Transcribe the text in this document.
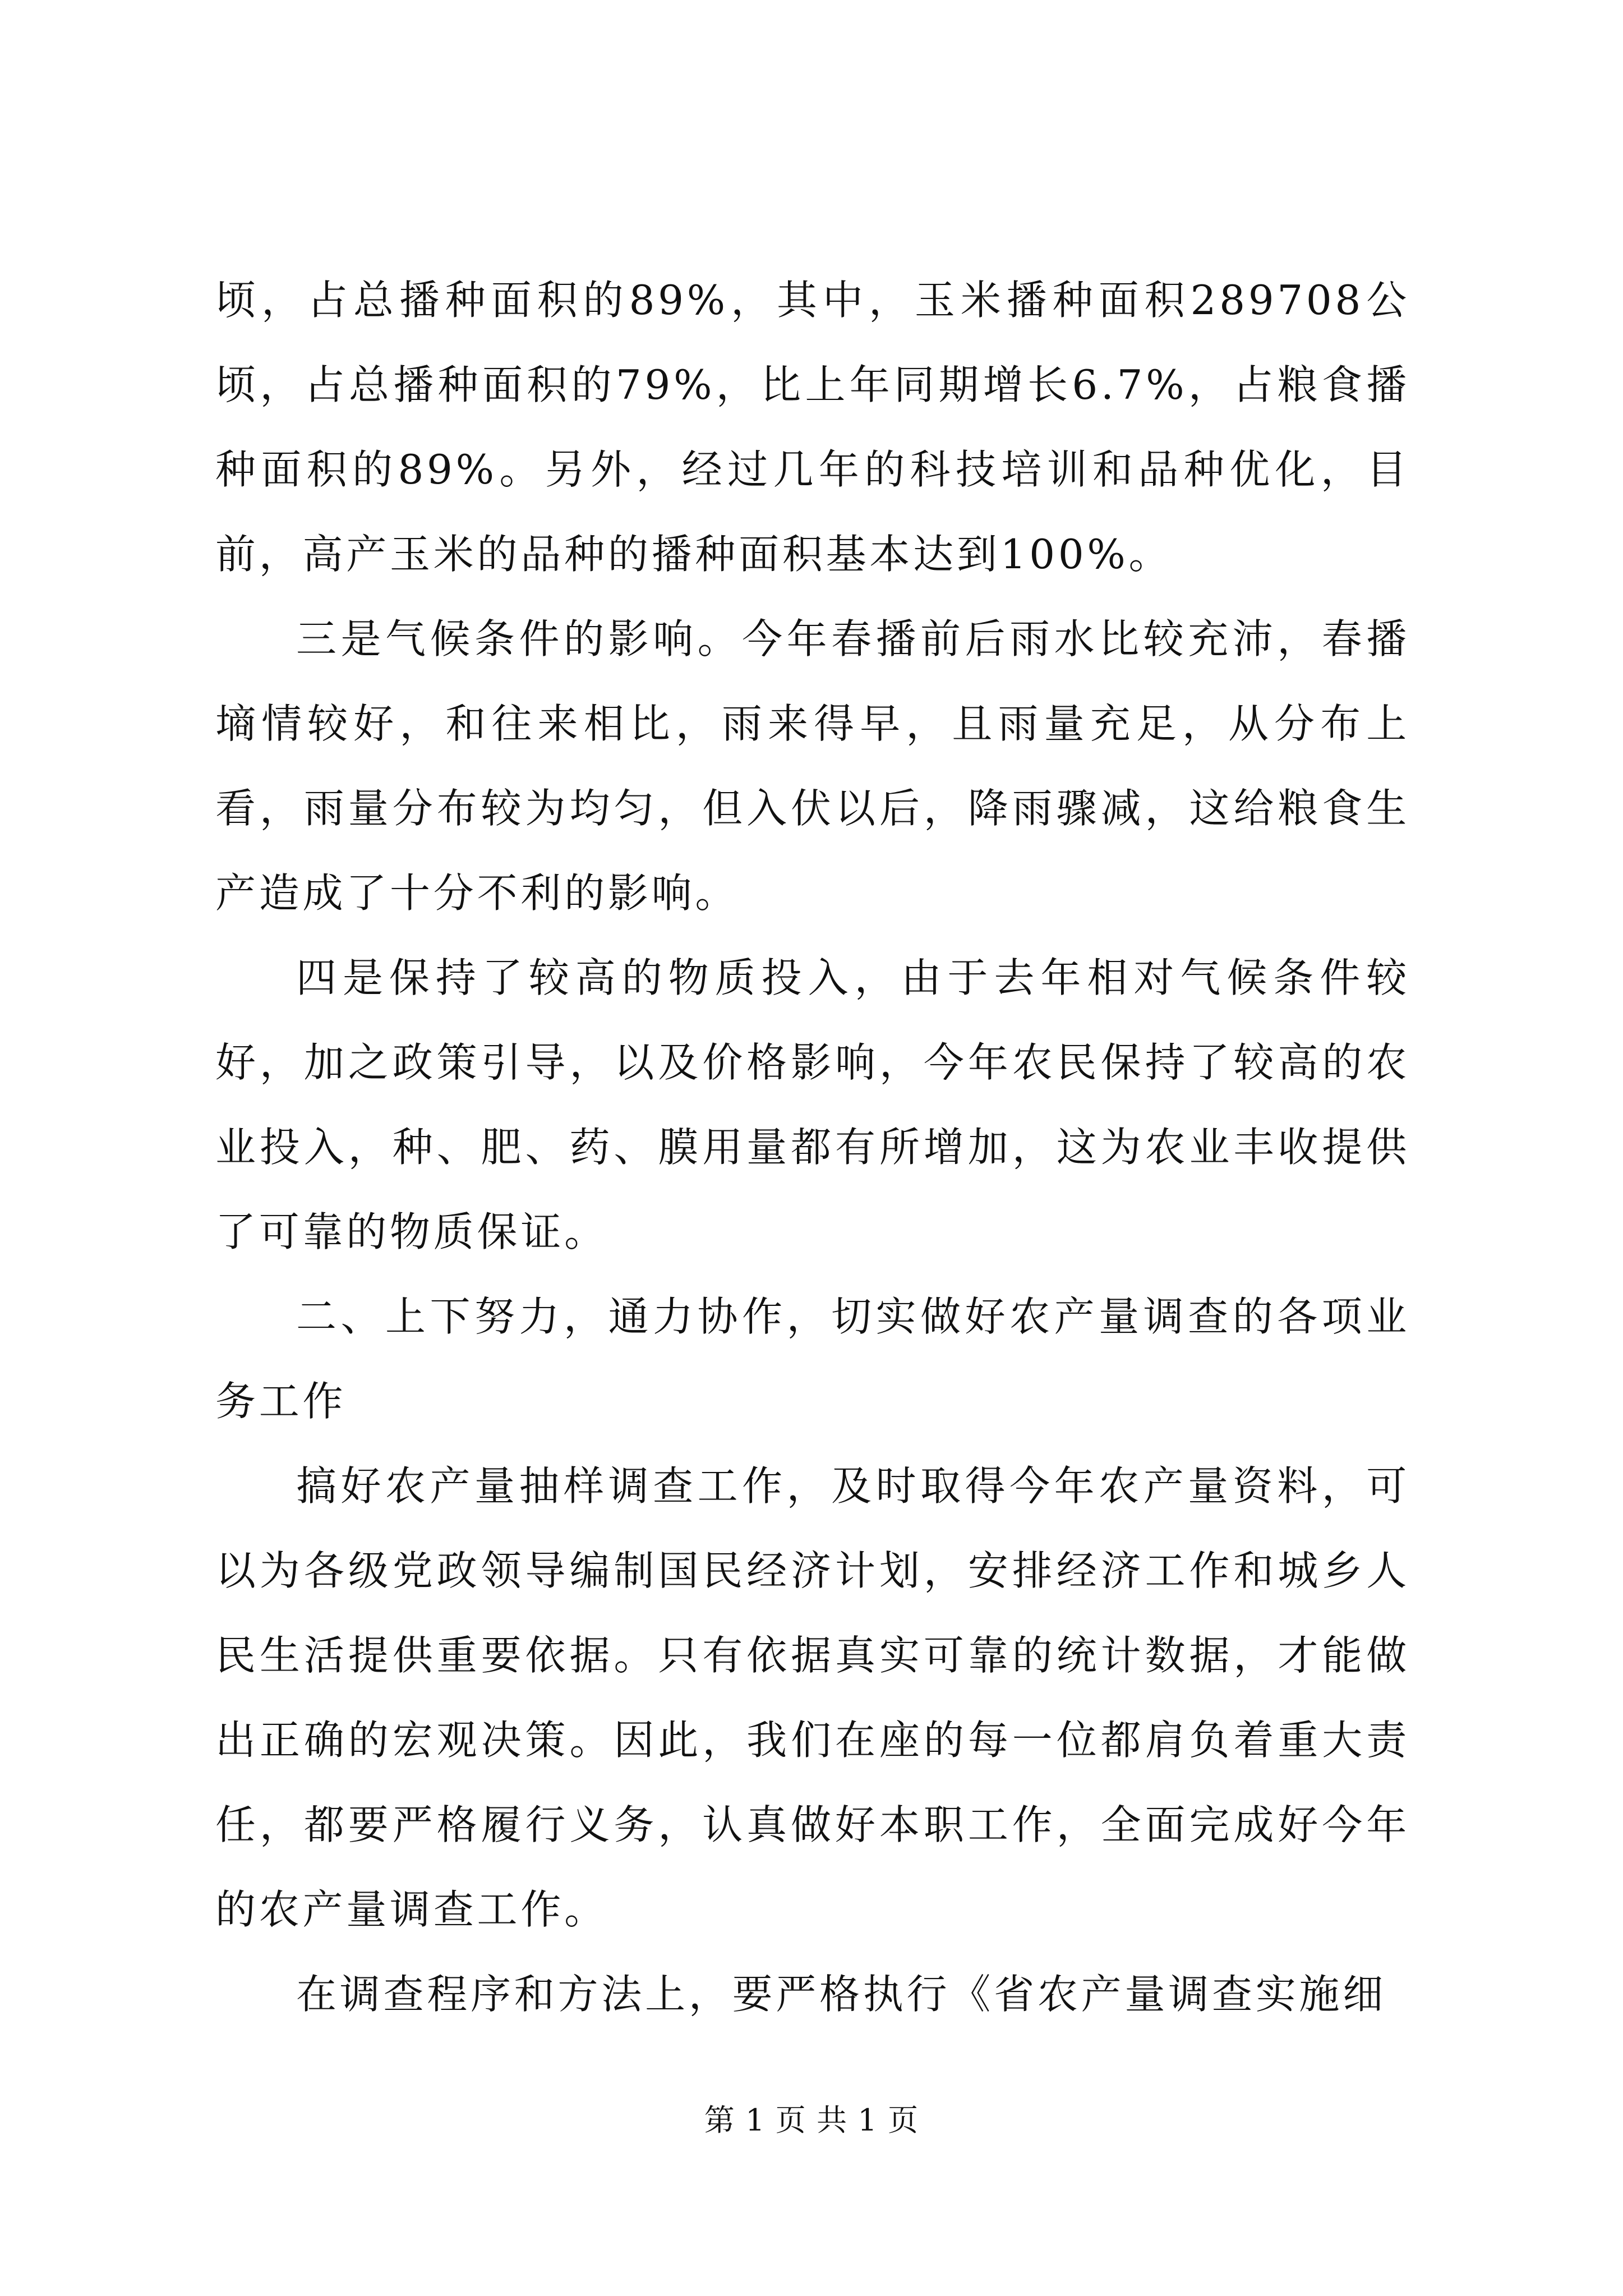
顷，占总播种面积的89%，其中，玉米播种面积289708公顷，占总播种面积的79%，比上年同期增长6.7%，占粮食播种面积的89%。另外，经过几年的科技培训和品种优化，目前，高产玉米的品种的播种面积基本达到100%。

三是气候条件的影响。今年春播前后雨水比较充沛，春播墒情较好，和往来相比，雨来得早，且雨量充足，从分布上看，雨量分布较为均匀，但入伏以后，降雨骤减，这给粮食生产造成了十分不利的影响。

四是保持了较高的物质投入，由于去年相对气候条件较好，加之政策引导，以及价格影响，今年农民保持了较高的农业投入，种、肥、药、膜用量都有所增加，这为农业丰收提供了可靠的物质保证。

二、上下努力，通力协作，切实做好农产量调查的各项业务工作

搞好农产量抽样调查工作，及时取得今年农产量资料，可以为各级党政领导编制国民经济计划，安排经济工作和城乡人民生活提供重要依据。只有依据真实可靠的统计数据，才能做出正确的宏观决策。因此，我们在座的每一位都肩负着重大责任，都要严格履行义务，认真做好本职工作，全面完成好今年的农产量调查工作。

在调查程序和方法上，要严格执行《省农产量调查实施细

第 1 页 共 1 页
